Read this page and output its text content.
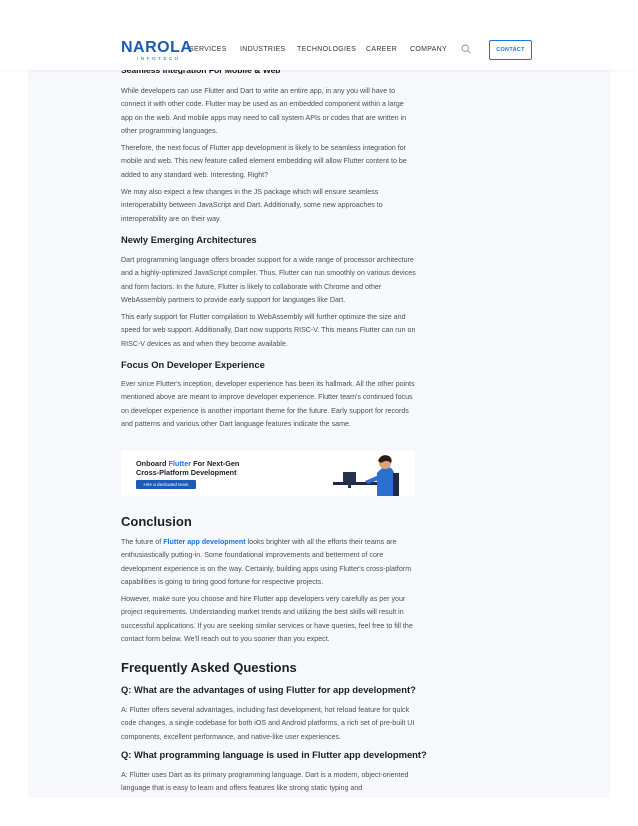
While developers can use Flutter and Dart to write an entire app, in any you will have to connect it with other code. Flutter may be used as an embedded component within a large app on the web. And mobile apps may need to call system APIs or codes that are written in other programming languages.

Therefore, the next focus of Flutter app development is likely to be seamless integration for mobile and web. This new feature called element embedding will allow Flutter content to be added to any standard web. Interesting. Right?

We may also expect a few changes in the JS package which will ensure seamless interoperability between JavaScript and Dart. Additionally, some new approaches to interoperability are on their way.

Newly Emerging Architectures

Dart programming language offers broader support for a wide range of processor architecture and a highly-optimized JavaScript compiler. Thus, Flutter can run smoothly on various devices and form factors. In the future, Flutter is likely to collaborate with Chrome and other WebAssembly partners to provide early support for languages like Dart.

This early support for Flutter compilation to WebAssembly will further optimize the size and speed for web support. Additionally, Dart now supports RISC-V. This means Flutter can run on RISC-V devices as and when they become available.

Focus On Developer Experience

Ever since Flutter's inception, developer experience has been its hallmark. All the other points mentioned above are meant to improve developer experience. Flutter team's continued focus on developer experience is another important theme for the future. Early support for records and patterns and various other Dart language features indicate the same.

Onboard Flutter For Next-Gen
Cross-Platform Development
Hire a dedicated team
Conclusion

The future of Flutter app development looks brighter with all the efforts their teams are enthusiastically putting-in. Some foundational improvements and betterment of core development experience is on the way. Certainly, building apps using Flutter's cross-platform capabilities is going to bring good fortune for respective projects.

However, make sure you choose and hire Flutter app developers very carefully as per your project requirements. Understanding market trends and utilizing the best skills will result in successful applications. If you are seeking similar services or have queries, feel free to fill the contact form below. We'll reach out to you sooner than you expect.

Frequently Asked Questions
Q: What are the advantages of using Flutter for app development?

A: Flutter offers several advantages, including fast development, hot reload feature for quick code changes, a single codebase for both iOS and Android platforms, a rich set of pre-built UI components, excellent performance, and native-like user experiences.

Q: What programming language is used in Flutter app development?

A: Flutter uses Dart as its primary programming language. Dart is a modern, object-oriented language that is easy to learn and offers features like strong static typing and

NAROLA
INFOTECH
SERVICES INDUSTRIES TECHNOLOGIES CAREER COMPANY	CONTACT
